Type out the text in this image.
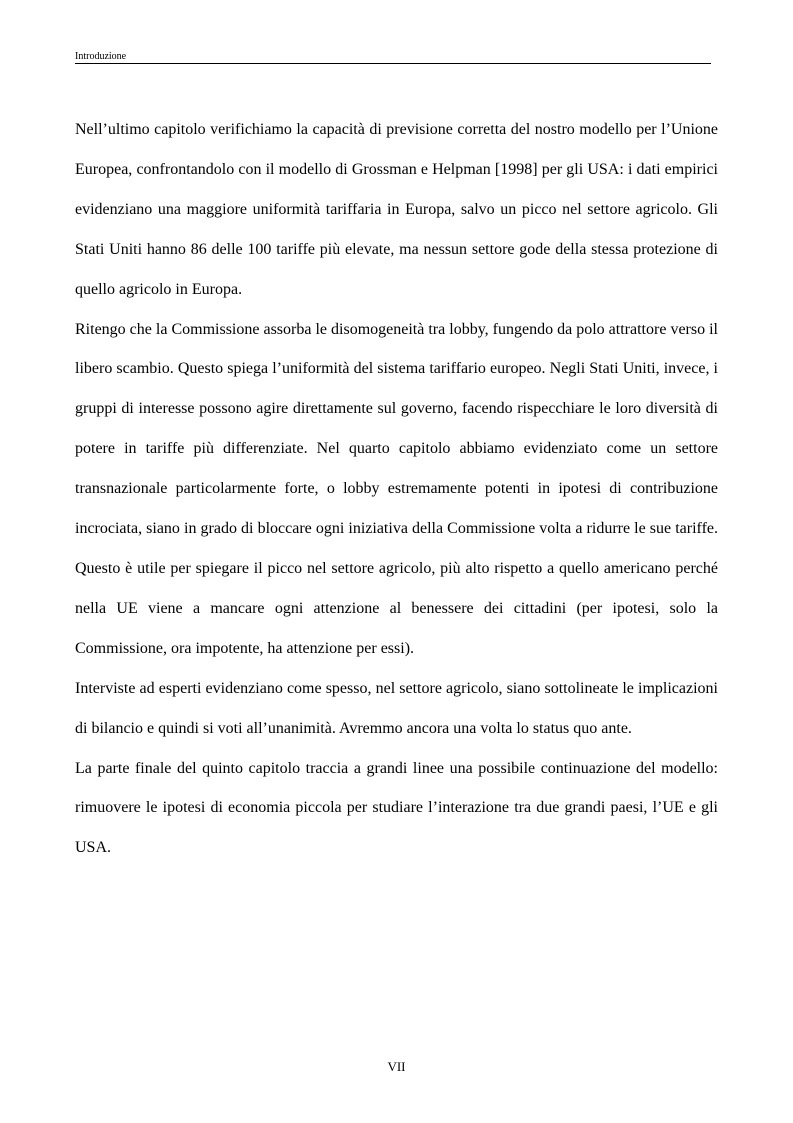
Introduzione

Nell’ultimo capitolo verifichiamo la capacità di previsione corretta del nostro modello per l’Unione Europea, confrontandolo con il modello di Grossman e Helpman [1998] per gli USA: i dati empirici evidenziano una maggiore uniformità tariffaria in Europa, salvo un picco nel settore agricolo. Gli Stati Uniti hanno 86 delle 100 tariffe più elevate, ma nessun settore gode della stessa protezione di quello agricolo in Europa.

Ritengo che la Commissione assorba le disomogeneità tra lobby, fungendo da polo attrattore verso il libero scambio. Questo spiega l’uniformità del sistema tariffario europeo. Negli Stati Uniti, invece, i gruppi di interesse possono agire direttamente sul governo, facendo rispecchiare le loro diversità di potere in tariffe più differenziate. Nel quarto capitolo abbiamo evidenziato come un settore transnazionale particolarmente forte, o lobby estremamente potenti in ipotesi di contribuzione incrociata, siano in grado di bloccare ogni iniziativa della Commissione volta a ridurre le sue tariffe. Questo è utile per spiegare il picco nel settore agricolo, più alto rispetto a quello americano perché nella UE viene a mancare ogni attenzione al benessere dei cittadini (per ipotesi, solo la Commissione, ora impotente, ha attenzione per essi).

Interviste ad esperti evidenziano come spesso, nel settore agricolo, siano sottolineate le implicazioni di bilancio e quindi si voti all’unanimità. Avremmo ancora una volta lo status quo ante.

La parte finale del quinto capitolo traccia a grandi linee una possibile continuazione del modello: rimuovere le ipotesi di economia piccola per studiare l’interazione tra due grandi paesi, l’UE e gli USA.

VII
